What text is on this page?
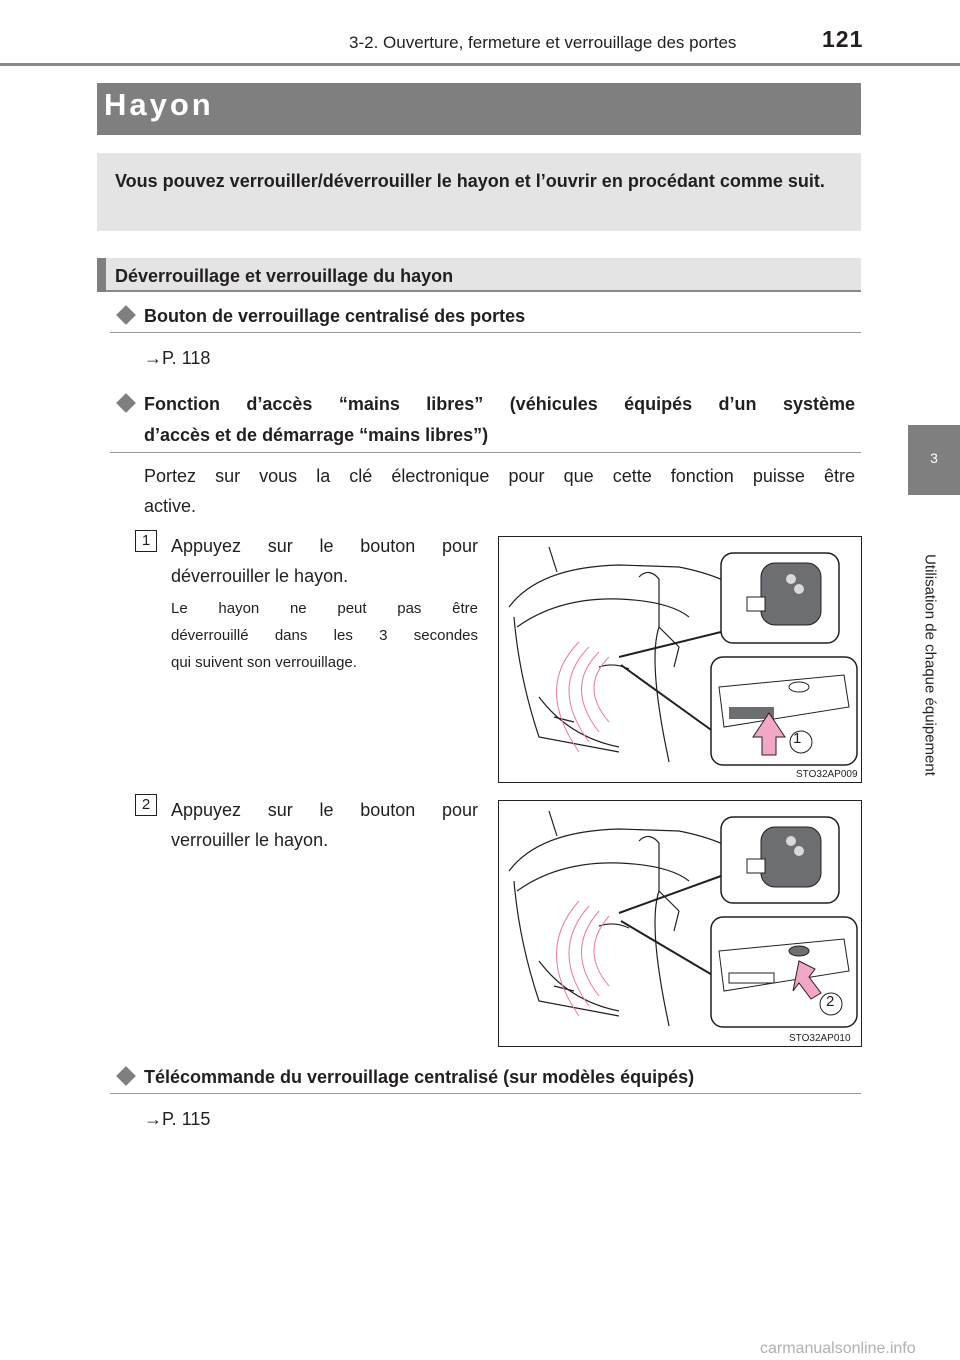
3-2. Ouverture, fermeture et verrouillage des portes	121
3
Utilisation de chaque équipement
Hayon
Vous pouvez verrouiller/déverrouiller le hayon et l’ouvrir en procédant comme suit.
Déverrouillage et verrouillage du hayon
Bouton de verrouillage centralisé des portes
→P. 118
Fonction d’accès “mains libres” (véhicules équipés d’un système
d’accès et de démarrage “mains libres”)
Portez sur vous la clé électronique pour que cette fonction puisse être
active.
1	Appuyez sur le bouton pour
déverrouiller le hayon.
Le hayon ne peut pas être
déverrouillé dans les 3 secondes
qui suivent son verrouillage.
1
STO32AP009
2	Appuyez sur le bouton pour
verrouiller le hayon.
2
STO32AP010
Télécommande du verrouillage centralisé (sur modèles équipés)
→P. 115
carmanualsonline.info
